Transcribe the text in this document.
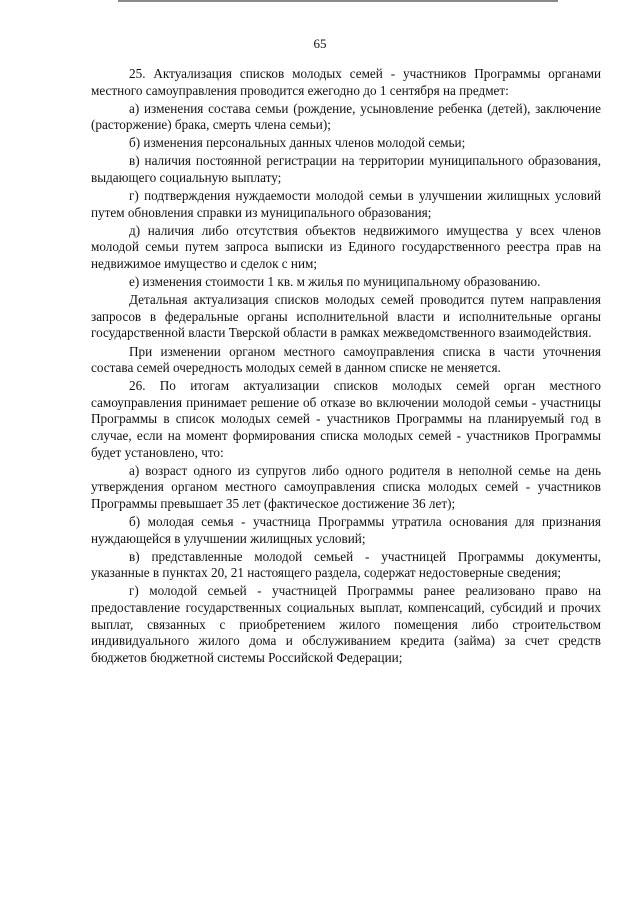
65

25. Актуализация списков молодых семей - участников Программы органами местного самоуправления проводится ежегодно до 1 сентября на предмет:

а) изменения состава семьи (рождение, усыновление ребенка (детей), заключение (расторжение) брака, смерть члена семьи);

б) изменения персональных данных членов молодой семьи;

в) наличия постоянной регистрации на территории муниципального образования, выдающего социальную выплату;

г) подтверждения нуждаемости молодой семьи в улучшении жилищных условий путем обновления справки из муниципального образования;

д) наличия либо отсутствия объектов недвижимого имущества у всех членов молодой семьи путем запроса выписки из Единого государственного реестра прав на недвижимое имущество и сделок с ним;

е) изменения стоимости 1 кв. м жилья по муниципальному образованию.

Детальная актуализация списков молодых семей проводится путем направления запросов в федеральные органы исполнительной власти и исполнительные органы государственной власти Тверской области в рамках межведомственного взаимодействия.

При изменении органом местного самоуправления списка в части уточнения состава семей очередность молодых семей в данном списке не меняется.

26. По итогам актуализации списков молодых семей орган местного самоуправления принимает решение об отказе во включении молодой семьи - участницы Программы в список молодых семей - участников Программы на планируемый год в случае, если на момент формирования списка молодых семей - участников Программы будет установлено, что:

а) возраст одного из супругов либо одного родителя в неполной семье на день утверждения органом местного самоуправления списка молодых семей - участников Программы превышает 35 лет (фактическое достижение 36 лет);

б) молодая семья - участница Программы утратила основания для признания нуждающейся в улучшении жилищных условий;

в) представленные молодой семьей - участницей Программы документы, указанные в пунктах 20, 21 настоящего раздела, содержат недостоверные сведения;

г) молодой семьей - участницей Программы ранее реализовано право на предоставление государственных социальных выплат, компенсаций, субсидий и прочих выплат, связанных с приобретением жилого помещения либо строительством индивидуального жилого дома и обслуживанием кредита (займа) за счет средств бюджетов бюджетной системы Российской Федерации;
